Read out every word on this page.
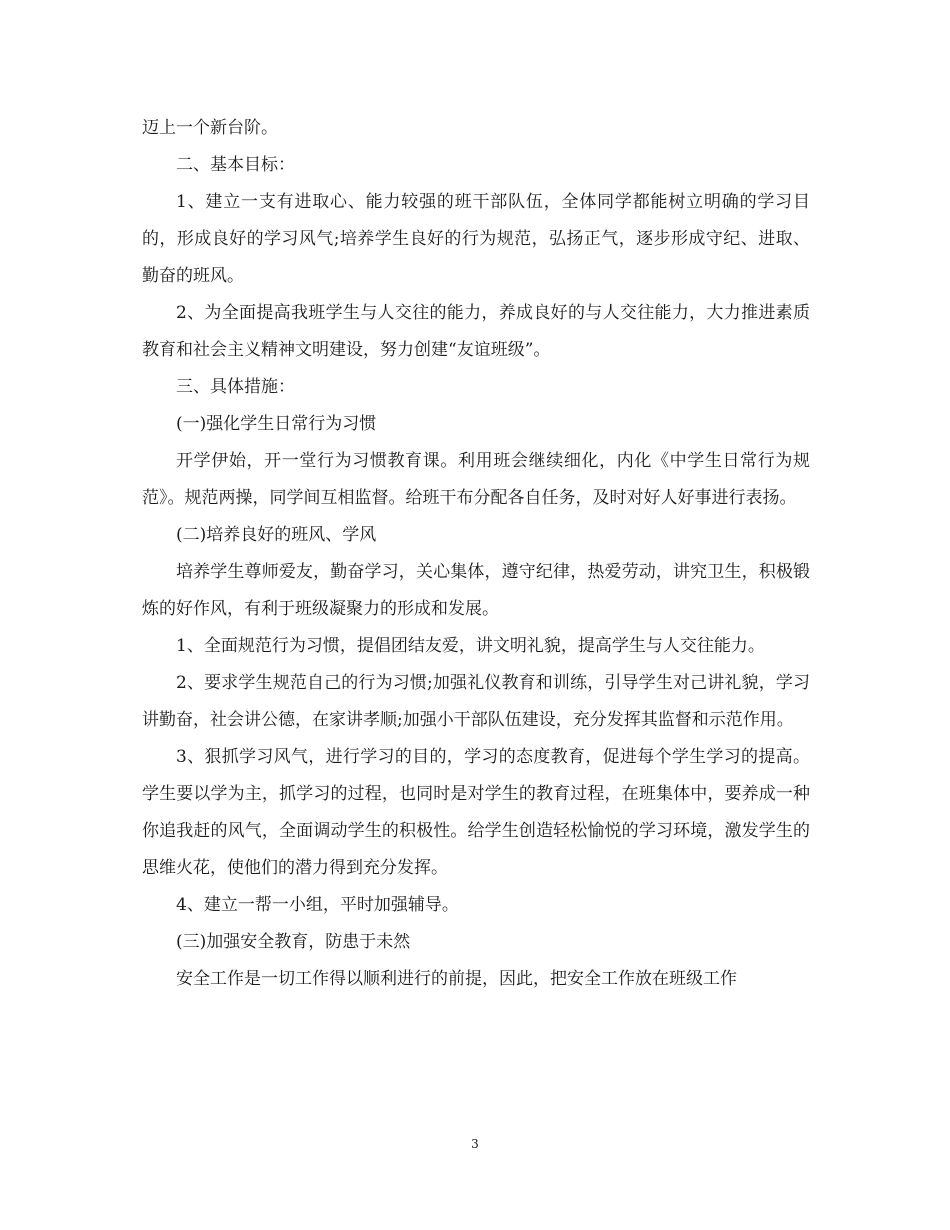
迈上一个新台阶。

二、基本目标：

1、建立一支有进取心、能力较强的班干部队伍，全体同学都能树立明确的学习目的，形成良好的学习风气;培养学生良好的行为规范，弘扬正气，逐步形成守纪、进取、勤奋的班风。

2、为全面提高我班学生与人交往的能力，养成良好的与人交往能力，大力推进素质教育和社会主义精神文明建设，努力创建“友谊班级”。

三、具体措施：

(一)强化学生日常行为习惯

开学伊始，开一堂行为习惯教育课。利用班会继续细化，内化《中学生日常行为规范》。规范两操，同学间互相监督。给班干布分配各自任务，及时对好人好事进行表扬。

(二)培养良好的班风、学风

培养学生尊师爱友，勤奋学习，关心集体，遵守纪律，热爱劳动，讲究卫生，积极锻炼的好作风，有利于班级凝聚力的形成和发展。

1、全面规范行为习惯，提倡团结友爱，讲文明礼貌，提高学生与人交往能力。

2、要求学生规范自己的行为习惯;加强礼仪教育和训练，引导学生对己讲礼貌，学习讲勤奋，社会讲公德，在家讲孝顺;加强小干部队伍建设，充分发挥其监督和示范作用。

3、狠抓学习风气，进行学习的目的，学习的态度教育，促进每个学生学习的提高。学生要以学为主，抓学习的过程，也同时是对学生的教育过程，在班集体中，要养成一种你追我赶的风气，全面调动学生的积极性。给学生创造轻松愉悦的学习环境，激发学生的思维火花，使他们的潜力得到充分发挥。

4、建立一帮一小组，平时加强辅导。

(三)加强安全教育，防患于未然

安全工作是一切工作得以顺利进行的前提，因此，把安全工作放在班级工作

3
